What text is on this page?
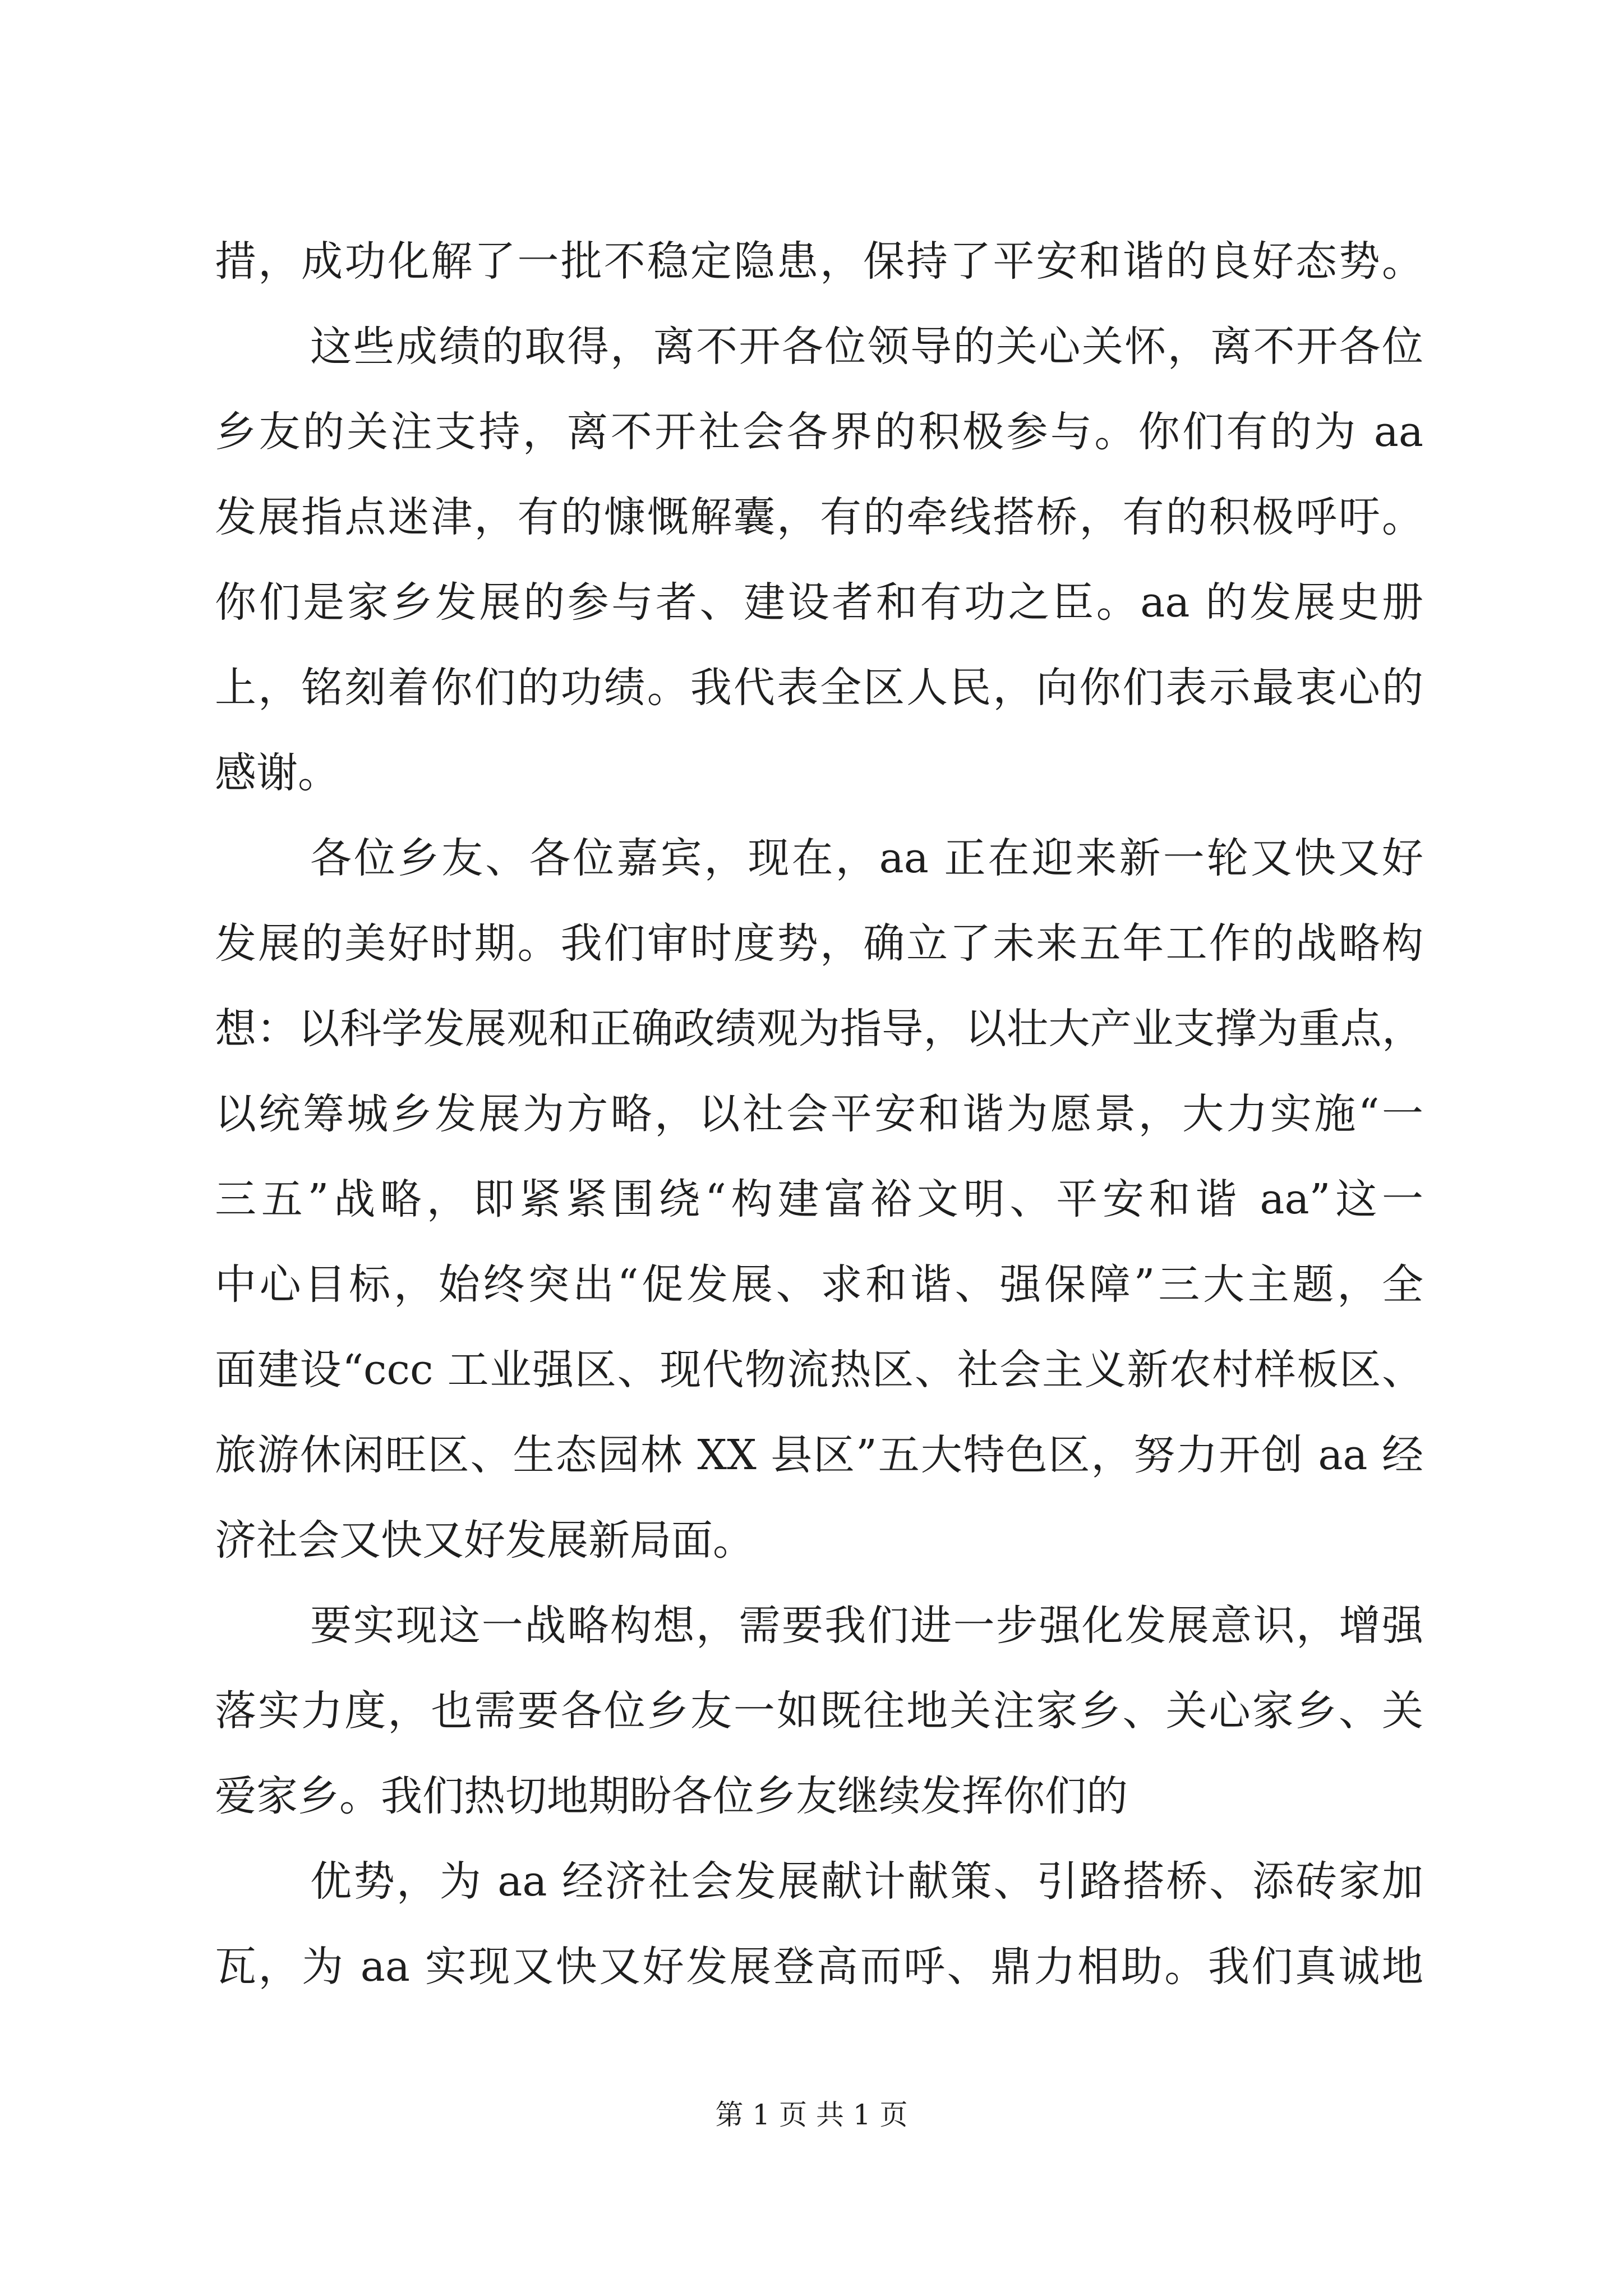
措，成功化解了一批不稳定隐患，保持了平安和谐的良好态势。
这些成绩的取得，离不开各位领导的关心关怀，离不开各位
乡友的关注支持，离不开社会各界的积极参与。你们有的为 aa
发展指点迷津，有的慷慨解囊，有的牵线搭桥，有的积极呼吁。
你们是家乡发展的参与者、建设者和有功之臣。aa 的发展史册
上，铭刻着你们的功绩。我代表全区人民，向你们表示最衷心的
感谢。
各位乡友、各位嘉宾，现在，aa 正在迎来新一轮又快又好
发展的美好时期。我们审时度势，确立了未来五年工作的战略构
想：以科学发展观和正确政绩观为指导，以壮大产业支撑为重点，
以统筹城乡发展为方略，以社会平安和谐为愿景，大力实施“一
三五”战略，即紧紧围绕“构建富裕文明、平安和谐 aa”这一
中心目标，始终突出“促发展、求和谐、强保障”三大主题，全
面建设“ccc 工业强区、现代物流热区、社会主义新农村样板区、
旅游休闲旺区、生态园林 XX 县区”五大特色区，努力开创 aa 经
济社会又快又好发展新局面。
要实现这一战略构想，需要我们进一步强化发展意识，增强
落实力度，也需要各位乡友一如既往地关注家乡、关心家乡、关
爱家乡。我们热切地期盼各位乡友继续发挥你们的
优势，为 aa 经济社会发展献计献策、引路搭桥、添砖家加
瓦，为 aa 实现又快又好发展登高而呼、鼎力相助。我们真诚地
第 1 页 共 1 页
